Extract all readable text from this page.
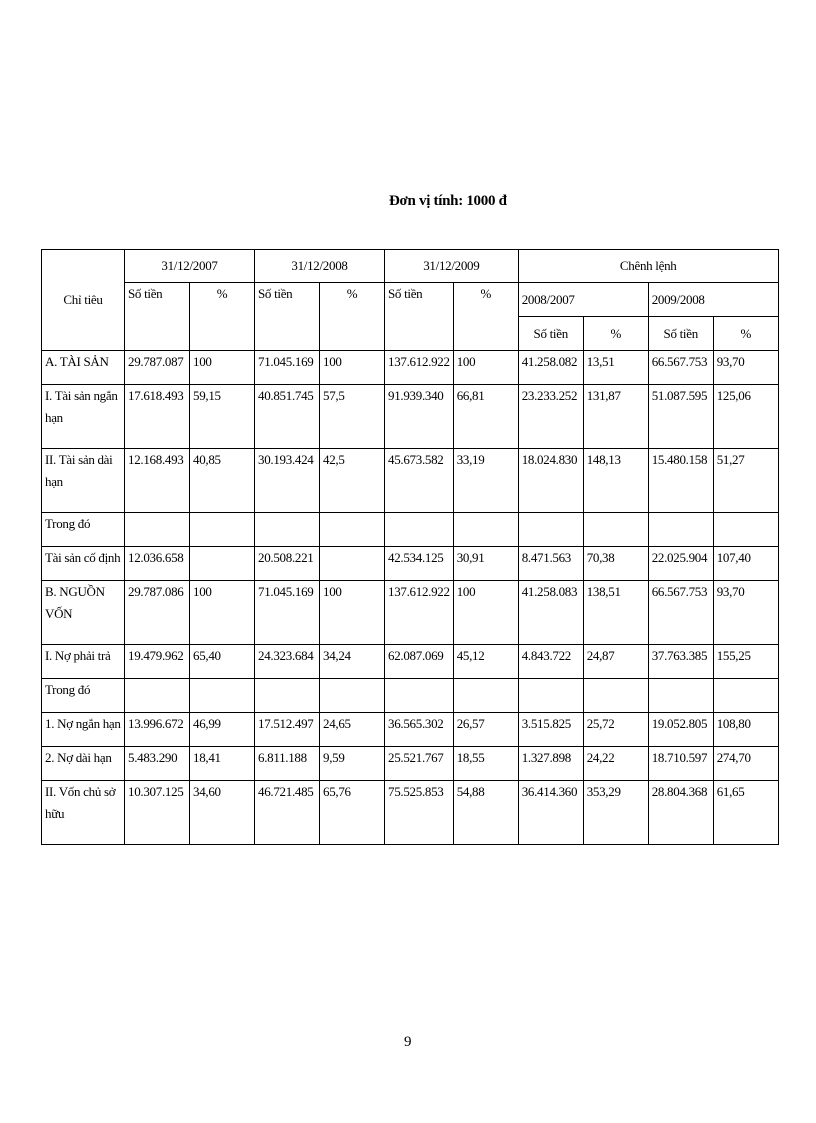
Đơn vị tính: 1000 đ
Chỉ tiêu	31/12/2007		31/12/2008		31/12/2009		Chênh lệnh			
	Số tiền	%	Số tiền	%	Số tiền	%	2008/2007		2009/2008	
							Số tiền	%	Số tiền	%
A. TÀI SẢN	29.787.087	100	71.045.169	100	137.612.922	100	41.258.082	13,51	66.567.753	93,70
I. Tài sản ngắn hạn	17.618.493	59,15	40.851.745	57,5	91.939.340	66,81	23.233.252	131,87	51.087.595	125,06
II. Tài sản dài hạn	12.168.493	40,85	30.193.424	42,5	45.673.582	33,19	18.024.830	148,13	15.480.158	51,27
Trong đó										
Tài sản cố định	12.036.658		20.508.221		42.534.125	30,91	8.471.563	70,38	22.025.904	107,40
B. NGUỒN VỐN	29.787.086	100	71.045.169	100	137.612.922	100	41.258.083	138,51	66.567.753	93,70
I. Nợ phải trả	19.479.962	65,40	24.323.684	34,24	62.087.069	45,12	4.843.722	24,87	37.763.385	155,25
Trong đó										
1. Nợ ngắn hạn	13.996.672	46,99	17.512.497	24,65	36.565.302	26,57	3.515.825	25,72	19.052.805	108,80
2. Nợ dài hạn	5.483.290	18,41	6.811.188	9,59	25.521.767	18,55	1.327.898	24,22	18.710.597	274,70
II. Vốn chủ sở hữu	10.307.125	34,60	46.721.485	65,76	75.525.853	54,88	36.414.360	353,29	28.804.368	61,65
9
